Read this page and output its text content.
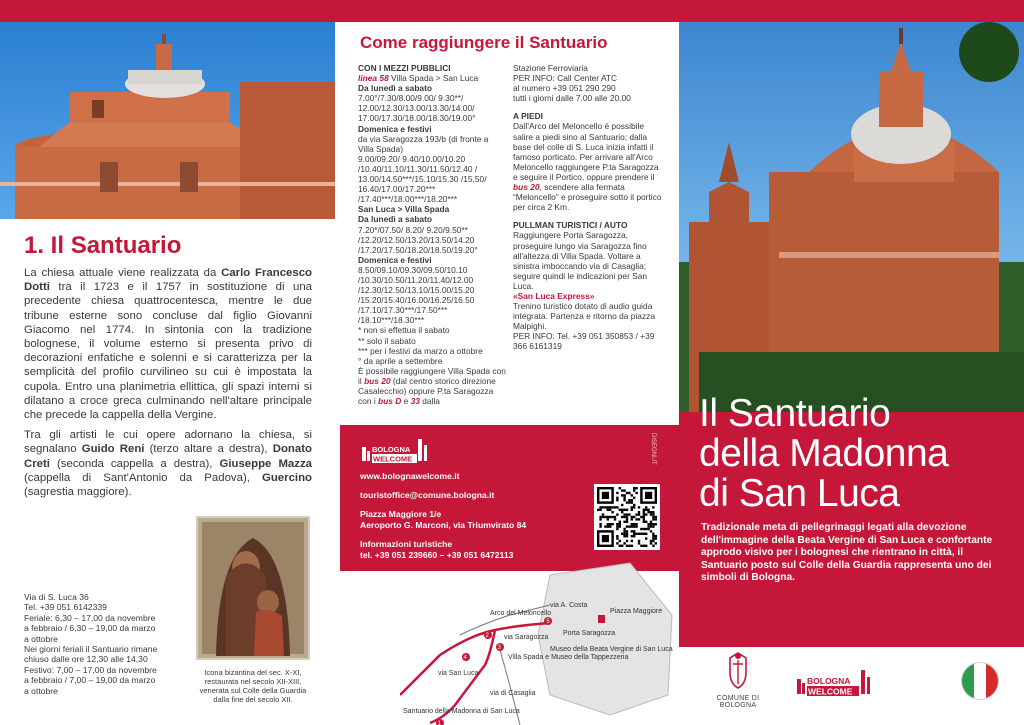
1. Il Santuario

La chiesa attuale viene realizzata da Carlo Francesco Dotti tra il 1723 e il 1757 in sostituzione di una precedente chiesa quattrocentesca, mentre le due tribune esterne sono concluse dal figlio Giovanni Giacomo nel 1774. In sintonia con la tradizione bolognese, il volume esterno si presenta privo di decorazioni enfatiche e solenni e si caratterizza per la semplicità del profilo curvilineo su cui è impostata la cupola. Entro una planimetria ellittica, gli spazi interni si dilatano a croce greca culminando nell'altare principale che precede la cappella della Vergine.

Tra gli artisti le cui opere adornano la chiesa, si segnalano Guido Reni (terzo altare a destra), Donato Creti (seconda cappella a destra), Giuseppe Mazza (cappella di Sant'Antonio da Padova), Guercino (sagrestia maggiore).

Via di S. Luca 36
Tel. +39 051 6142339
Feriale: 6,30 – 17,00 da novembre
a febbraio / 6,30 – 19,00 da marzo
a ottobre
Nei giorni feriali il Santuario rimane
chiuso dalle ore 12,30 alle 14,30
Festivo: 7,00 – 17,00 da novembre
a febbraio / 7,00 – 19,00 da marzo
a ottobre
Icona bizantina del sec. X-XI, restaurata nel secolo XII-XIII, venerata sul Colle della Guardia dalla fine del secolo XII.
Come raggiungere il Santuario
CON I MEZZI PUBBLICI
linea 58 Villa Spada > San Luca
Da lunedì a sabato
7.00°/7.30/8.00/9.00/ 9.30**/ 12.00/12.30/13.00/13.30/14.00/ 17.00/17.30/18.00/18.30/19.00°
Domenica e festivi
da via Saragozza 193/b (di fronte a Villa Spada)
9.00/09.20/ 9.40/10.00/10.20 /10.40/11.10/11.30/11.50/12.40 / 13.00/14.50***/15.10/15.30 /15.50/ 16.40/17.00/17.20*** /17.40***/18.00***/18.20***
San Luca > Villa Spada
Da lunedì a sabato
7.20*/07.50/ 8.20/ 9.20/9.50** /12.20/12.50/13.20/13.50/14.20 /17.20/17.50/18.20/18.50/19.20°
Domenica e festivi
8.50/09.10/09.30/09.50/10.10 /10.30/10.50/11.20/11.40/12.00 /12.30/12.50/13.10/15.00/15.20 /15.20/15.40/16.00/16.25/16.50 /17.10/17.30***/17.50*** /18.10***/18.30***
* non si effettua il sabato
** solo il sabato
*** per i festivi da marzo a ottobre
° da aprile a settembre
È possibile raggiungere Villa Spada con il bus 20 (dal centro storico direzione Casalecchio) oppure P.ta Saragozza con i bus D e 33 dalla
Stazione Ferroviaria
PER INFO: Call Center ATC
al numero +39 051 290 290
tutti i giorni dalle 7.00 alle 20.00
A PIEDI
Dall'Arco del Meloncello è possibile salire a piedi sino al Santuario; dalla base del colle di S. Luca inizia infatti il famoso porticato. Per arrivare all'Arco Meloncello raggiungere P.ta Saragozza e seguire il Portico, oppure prendere il bus 20, scendere alla fermata “Meloncello” e proseguire sotto il portico per circa 2 Km.
PULLMAN TURISTICI / AUTO
Raggiungere Porta Saragozza, proseguire lungo via Saragozza fino all'altezza di Villa Spada. Voltare a sinistra imboccando via di Casaglia; seguire quindi le indicazioni per San Luca.
«San Luca Express»
Trenino turistico dotato di audio guida integrata. Partenza e ritorno da piazza Malpighi.
PER INFO: Tel. +39 051 350853 / +39 366 6161319
BOLOGNA
WELCOME	DISEGNI.IT
www.bolognawelcome.it
touristoffice@comune.bologna.it
Piazza Maggiore 1/e
Aeroporto G. Marconi, via Triumvirato 84
Informazioni turistiche
tel. +39 051 239660 – +39 051 6472113
via A. Costa Piazza Maggiore Arco del Meloncello Porta Saragozza via Saragozza via San Luca Villa Spada e Museo della Tappezzeria Museo della Beata Vergine di San Luca via di Casaglia Santuario della Madonna di San Luca
1 2 3 4 5
Il Santuario
della Madonna
di San Luca
Tradizionale meta di pellegrinaggi legati alla devozione dell'immagine della Beata Vergine di San Luca e confortante approdo visivo per i bolognesi che rientrano in città, il Santuario posto sul Colle della Guardia rappresenta uno dei simboli di Bologna.
COMUNE DI BOLOGNA
BOLOGNA
WELCOME
